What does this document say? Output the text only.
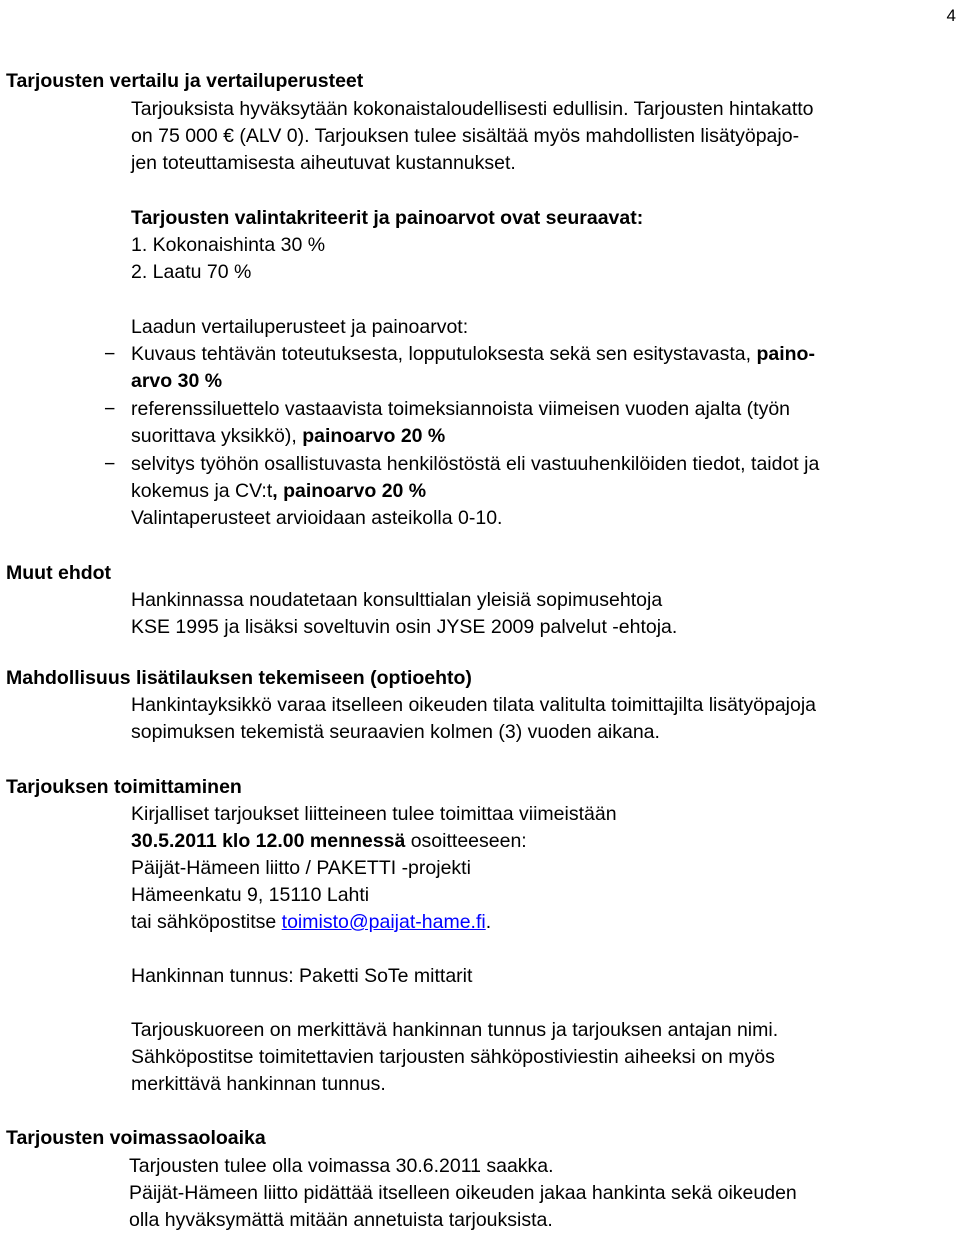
4
Tarjousten vertailu ja vertailuperusteet
Tarjouksista hyväksytään kokonaistaloudellisesti edullisin. Tarjousten hintakatto
on 75 000 € (ALV 0). Tarjouksen tulee sisältää myös mahdollisten lisätyöpajo-
jen toteuttamisesta aiheutuvat kustannukset.
Tarjousten valintakriteerit ja painoarvot ovat seuraavat:
1. Kokonaishinta 30 %
2. Laatu 70 %
Laadun vertailuperusteet ja painoarvot:
− Kuvaus tehtävän toteutuksesta, lopputuloksesta sekä sen esitystavasta, paino-
arvo 30 %
− referenssiluettelo vastaavista toimeksiannoista viimeisen vuoden ajalta (työn
suorittava yksikkö), painoarvo 20 %
− selvitys työhön osallistuvasta henkilöstöstä eli vastuuhenkilöiden tiedot, taidot ja
kokemus ja CV:t, painoarvo 20 %
Valintaperusteet arvioidaan asteikolla 0-10.
Muut ehdot
Hankinnassa noudatetaan konsulttialan yleisiä sopimusehtoja
KSE 1995 ja lisäksi soveltuvin osin JYSE 2009 palvelut -ehtoja.
Mahdollisuus lisätilauksen tekemiseen (optioehto)
Hankintayksikkö varaa itselleen oikeuden tilata valitulta toimittajilta lisätyöpajoja
sopimuksen tekemistä seuraavien kolmen (3) vuoden aikana.
Tarjouksen toimittaminen
Kirjalliset tarjoukset liitteineen tulee toimittaa viimeistään
30.5.2011 klo 12.00 mennessä osoitteeseen:
Päijät-Hämeen liitto / PAKETTI -projekti
Hämeenkatu 9, 15110 Lahti
tai sähköpostitse toimisto@paijat-hame.fi.
Hankinnan tunnus: Paketti SoTe mittarit
Tarjouskuoreen on merkittävä hankinnan tunnus ja tarjouksen antajan nimi.
Sähköpostitse toimitettavien tarjousten sähköpostiviestin aiheeksi on myös
merkittävä hankinnan tunnus.
Tarjousten voimassaoloaika
Tarjousten tulee olla voimassa 30.6.2011 saakka.
Päijät-Hämeen liitto pidättää itselleen oikeuden jakaa hankinta sekä oikeuden
olla hyväksymättä mitään annetuista tarjouksista.
